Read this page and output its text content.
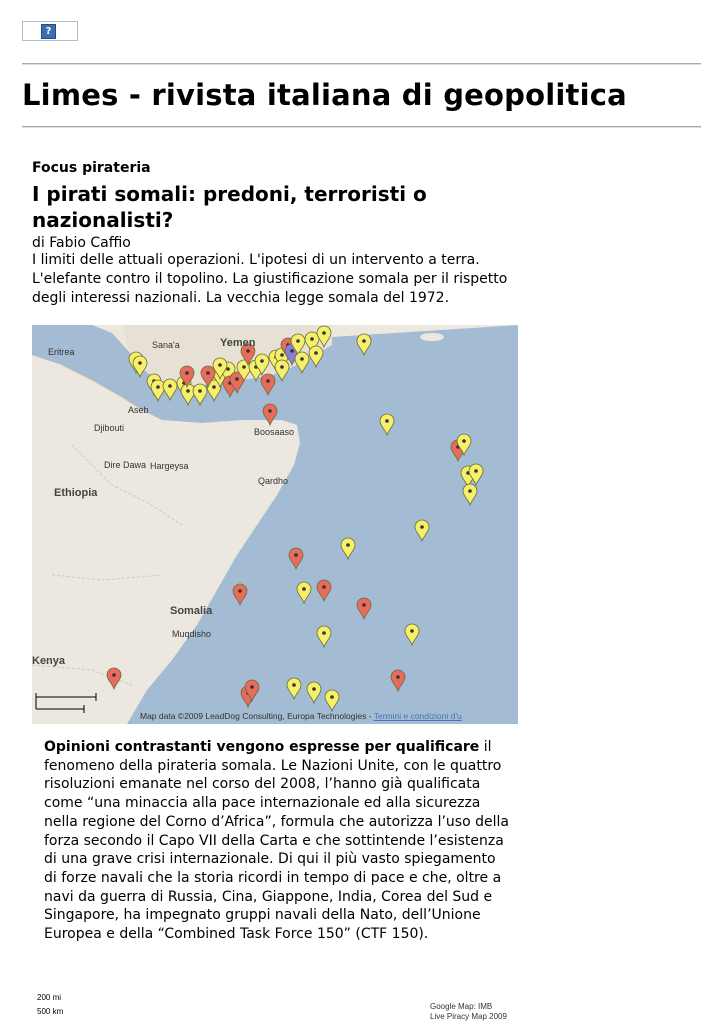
?
Limes - rivista italiana di geopolitica
Focus pirateria
I pirati somali: predoni, terroristi o nazionalisti?
di Fabio Caffio
I limiti delle attuali operazioni. L'ipotesi di un intervento a terra. L'elefante contro il topolino. La giustificazione somala per il rispetto degli interessi nazionali. La vecchia legge somala del 1972.
Eritrea
Sana'a	Yemen
Aseb
Djibouti	Boosaaso
Dire Dawa Hargeysa
Qardho
Ethiopia
Somalia
Muqdisho
Kenya
Google Map: IMB
Live Piracy Map 2009
200 mi
500 km
Map data ©2009 LeadDog Consulting, Europa Technologies - Termini e condizioni d'u
Opinioni contrastanti vengono espresse per qualificare il fenomeno della pirateria somala. Le Nazioni Unite, con le quattro risoluzioni emanate nel corso del 2008, l’hanno già qualificata come “una minaccia alla pace internazionale ed alla sicurezza nella regione del Corno d’Africa”, formula che autorizza l’uso della forza secondo il Capo VII della Carta e che sottintende l’esistenza di una grave crisi internazionale. Di qui il più vasto spiegamento di forze navali che la storia ricordi in tempo di pace e che, oltre a navi da guerra di Russia, Cina, Giappone, India, Corea del Sud e Singapore, ha impegnato gruppi navali della Nato, dell’Unione Europea e della “Combined Task Force 150” (CTF 150).
